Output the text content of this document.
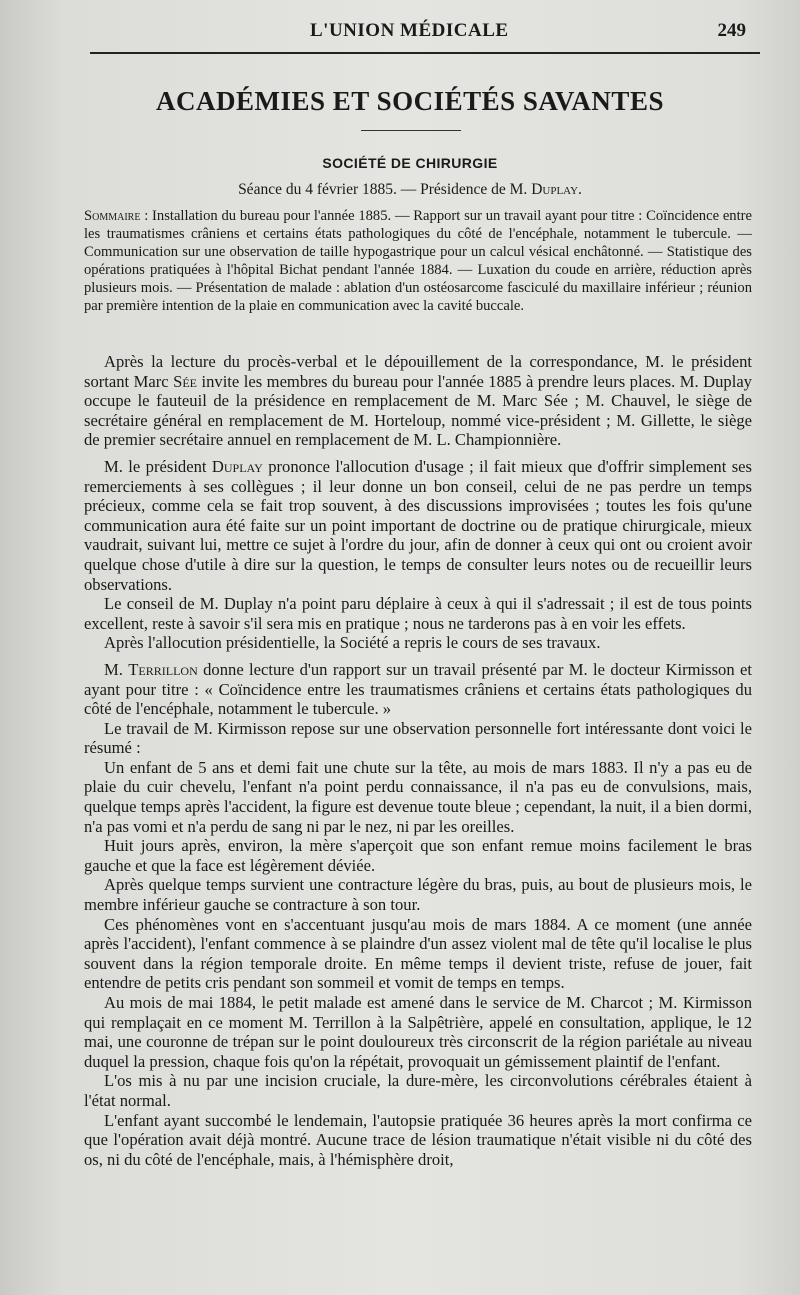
L'UNION MÉDICALE	249
ACADÉMIES ET SOCIÉTÉS SAVANTES
SOCIÉTÉ DE CHIRURGIE
Séance du 4 février 1885. — Présidence de M. Duplay.
Sommaire : Installation du bureau pour l'année 1885. — Rapport sur un travail ayant pour titre : Coïncidence entre les traumatismes crâniens et certains états pathologiques du côté de l'encéphale, notamment le tubercule. — Communication sur une observation de taille hypogastrique pour un calcul vésical enchâtonné. — Statistique des opérations pratiquées à l'hôpital Bichat pendant l'année 1884. — Luxation du coude en arrière, réduction après plusieurs mois. — Présentation de malade : ablation d'un ostéosarcome fasciculé du maxillaire inférieur ; réunion par première intention de la plaie en communication avec la cavité buccale.

Après la lecture du procès-verbal et le dépouillement de la correspondance, M. le président sortant Marc Sée invite les membres du bureau pour l'année 1885 à prendre leurs places. M. Duplay occupe le fauteuil de la présidence en remplacement de M. Marc Sée ; M. Chauvel, le siège de secrétaire général en remplacement de M. Horteloup, nommé vice-président ; M. Gillette, le siège de premier secrétaire annuel en remplacement de M. L. Championnière.

M. le président Duplay prononce l'allocution d'usage ; il fait mieux que d'offrir simplement ses remerciements à ses collègues ; il leur donne un bon conseil, celui de ne pas perdre un temps précieux, comme cela se fait trop souvent, à des discussions improvisées ; toutes les fois qu'une communication aura été faite sur un point important de doctrine ou de pratique chirurgicale, mieux vaudrait, suivant lui, mettre ce sujet à l'ordre du jour, afin de donner à ceux qui ont ou croient avoir quelque chose d'utile à dire sur la question, le temps de consulter leurs notes ou de recueillir leurs observations.

Le conseil de M. Duplay n'a point paru déplaire à ceux à qui il s'adressait ; il est de tous points excellent, reste à savoir s'il sera mis en pratique ; nous ne tarderons pas à en voir les effets.

Après l'allocution présidentielle, la Société a repris le cours de ses travaux.

M. Terrillon donne lecture d'un rapport sur un travail présenté par M. le docteur Kirmisson et ayant pour titre : « Coïncidence entre les traumatismes crâniens et certains états pathologiques du côté de l'encéphale, notamment le tubercule. »

Le travail de M. Kirmisson repose sur une observation personnelle fort intéressante dont voici le résumé :

Un enfant de 5 ans et demi fait une chute sur la tête, au mois de mars 1883. Il n'y a pas eu de plaie du cuir chevelu, l'enfant n'a point perdu connaissance, il n'a pas eu de convulsions, mais, quelque temps après l'accident, la figure est devenue toute bleue ; cependant, la nuit, il a bien dormi, n'a pas vomi et n'a perdu de sang ni par le nez, ni par les oreilles.

Huit jours après, environ, la mère s'aperçoit que son enfant remue moins facilement le bras gauche et que la face est légèrement déviée.

Après quelque temps survient une contracture légère du bras, puis, au bout de plusieurs mois, le membre inférieur gauche se contracture à son tour.

Ces phénomènes vont en s'accentuant jusqu'au mois de mars 1884. A ce moment (une année après l'accident), l'enfant commence à se plaindre d'un assez violent mal de tête qu'il localise le plus souvent dans la région temporale droite. En même temps il devient triste, refuse de jouer, fait entendre de petits cris pendant son sommeil et vomit de temps en temps.

Au mois de mai 1884, le petit malade est amené dans le service de M. Charcot ; M. Kirmisson qui remplaçait en ce moment M. Terrillon à la Salpêtrière, appelé en consultation, applique, le 12 mai, une couronne de trépan sur le point douloureux très circonscrit de la région pariétale au niveau duquel la pression, chaque fois qu'on la répétait, provoquait un gémissement plaintif de l'enfant.

L'os mis à nu par une incision cruciale, la dure-mère, les circonvolutions cérébrales étaient à l'état normal.

L'enfant ayant succombé le lendemain, l'autopsie pratiquée 36 heures après la mort confirma ce que l'opération avait déjà montré. Aucune trace de lésion traumatique n'était visible ni du côté des os, ni du côté de l'encéphale, mais, à l'hémisphère droit,
